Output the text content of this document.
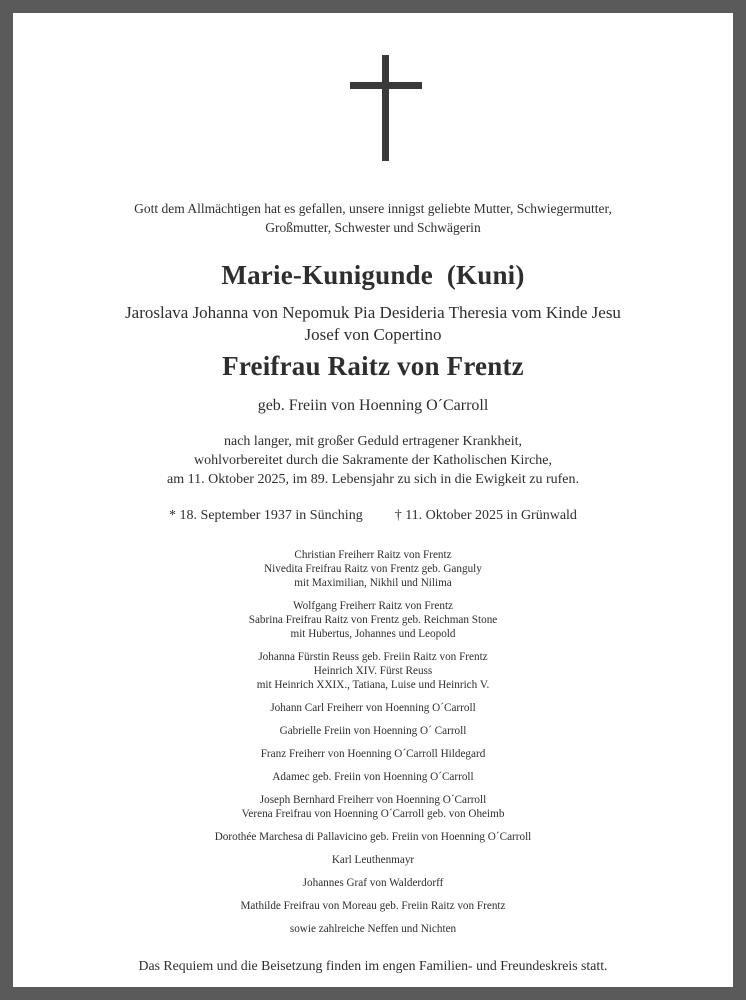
Gott dem Allmächtigen hat es gefallen, unsere innigst geliebte Mutter, Schwiegermutter,
Großmutter, Schwester und Schwägerin
Marie-Kunigunde  (Kuni)
Jaroslava Johanna von Nepomuk Pia Desideria Theresia vom Kinde Jesu
Josef von Copertino
Freifrau Raitz von Frentz
geb. Freiin von Hoenning O´Carroll
nach langer, mit großer Geduld ertragener Krankheit,
wohlvorbereitet durch die Sakramente der Katholischen Kirche,
am 11. Oktober 2025, im 89. Lebensjahr zu sich in die Ewigkeit zu rufen.
* 18. September 1937 in Sünching † 11. Oktober 2025 in Grünwald
Christian Freiherr Raitz von Frentz
Nivedita Freifrau Raitz von Frentz geb. Ganguly
mit Maximilian, Nikhil und Nilima
Wolfgang Freiherr Raitz von Frentz
Sabrina Freifrau Raitz von Frentz geb. Reichman Stone
mit Hubertus, Johannes und Leopold
Johanna Fürstin Reuss geb. Freiin Raitz von Frentz
Heinrich XIV. Fürst Reuss
mit Heinrich XXIX., Tatiana, Luise und Heinrich V.
Johann Carl Freiherr von Hoenning O´Carroll
Gabrielle Freiin von Hoenning O´ Carroll
Franz Freiherr von Hoenning O´Carroll Hildegard
Adamec geb. Freiin von Hoenning O´Carroll
Joseph Bernhard Freiherr von Hoenning O´Carroll
Verena Freifrau von Hoenning O´Carroll geb. von Oheimb
Dorothée Marchesa di Pallavicino geb. Freiin von Hoenning O´Carroll
Karl Leuthenmayr
Johannes Graf von Walderdorff
Mathilde Freifrau von Moreau geb. Freiin Raitz von Frentz
sowie zahlreiche Neffen und Nichten
Das Requiem und die Beisetzung finden im engen Familien- und Freundeskreis statt.
